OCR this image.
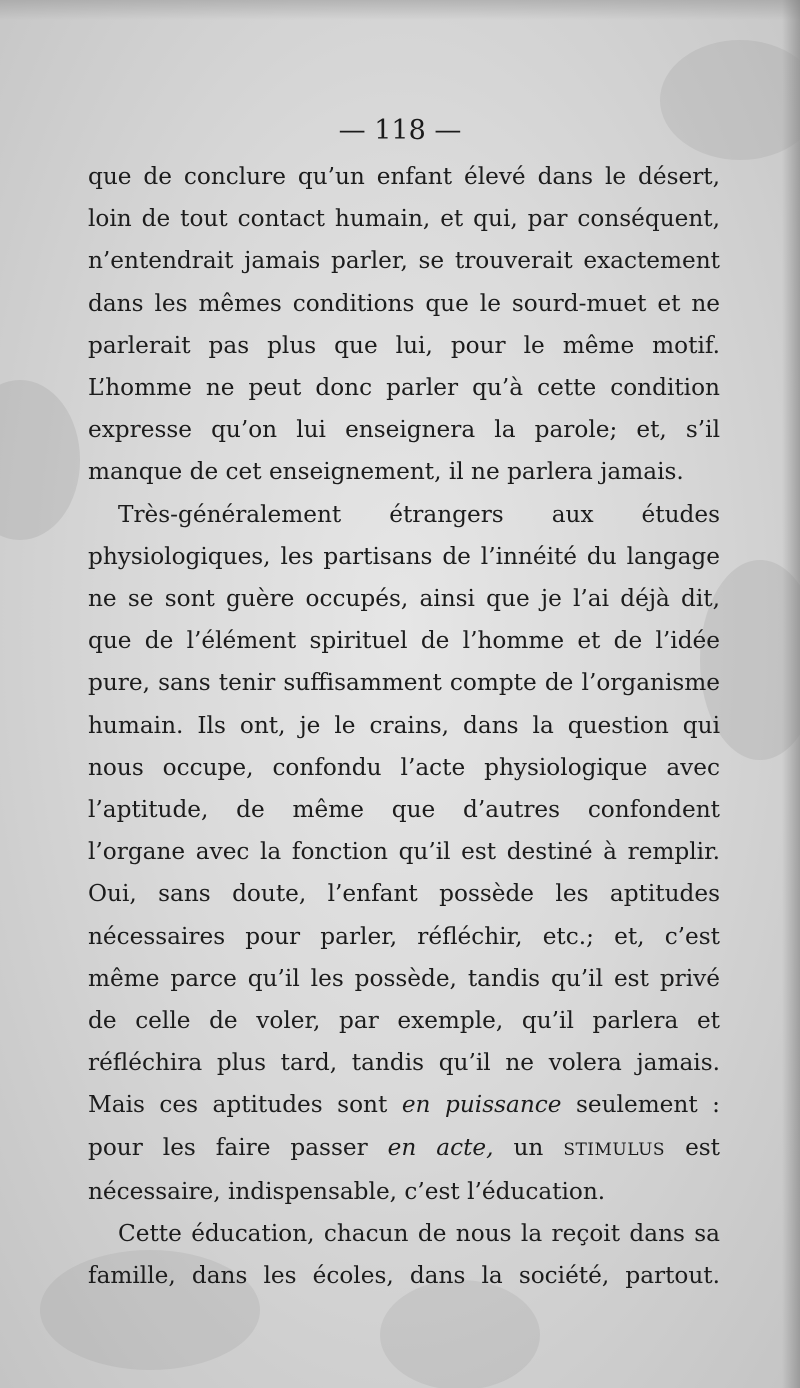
— 118 —

que de conclure qu’un enfant élevé dans le désert, loin de tout contact humain, et qui, par conséquent, n’entendrait jamais parler, se trouverait exactement dans les mêmes conditions que le sourd-muet et ne parlerait pas plus que lui, pour le même motif. L’homme ne peut donc parler qu’à cette condition expresse qu’on lui enseignera la parole; et, s’il manque de cet enseignement, il ne parlera jamais.

Très-généralement étrangers aux études physiologiques, les partisans de l’innéité du langage ne se sont guère occupés, ainsi que je l’ai déjà dit, que de l’élément spirituel de l’homme et de l’idée pure, sans tenir suffisamment compte de l’organisme humain. Ils ont, je le crains, dans la question qui nous occupe, confondu l’acte physiologique avec l’aptitude, de même que d’autres confondent l’organe avec la fonction qu’il est destiné à remplir. Oui, sans doute, l’enfant possède les aptitudes nécessaires pour parler, réfléchir, etc.; et, c’est même parce qu’il les possède, tandis qu’il est privé de celle de voler, par exemple, qu’il parlera et réfléchira plus tard, tandis qu’il ne volera jamais. Mais ces aptitudes sont en puissance seulement : pour les faire passer en acte, un STIMULUS est nécessaire, indispensable, c’est l’éducation.

Cette éducation, chacun de nous la reçoit dans sa famille, dans les écoles, dans la société, partout.
